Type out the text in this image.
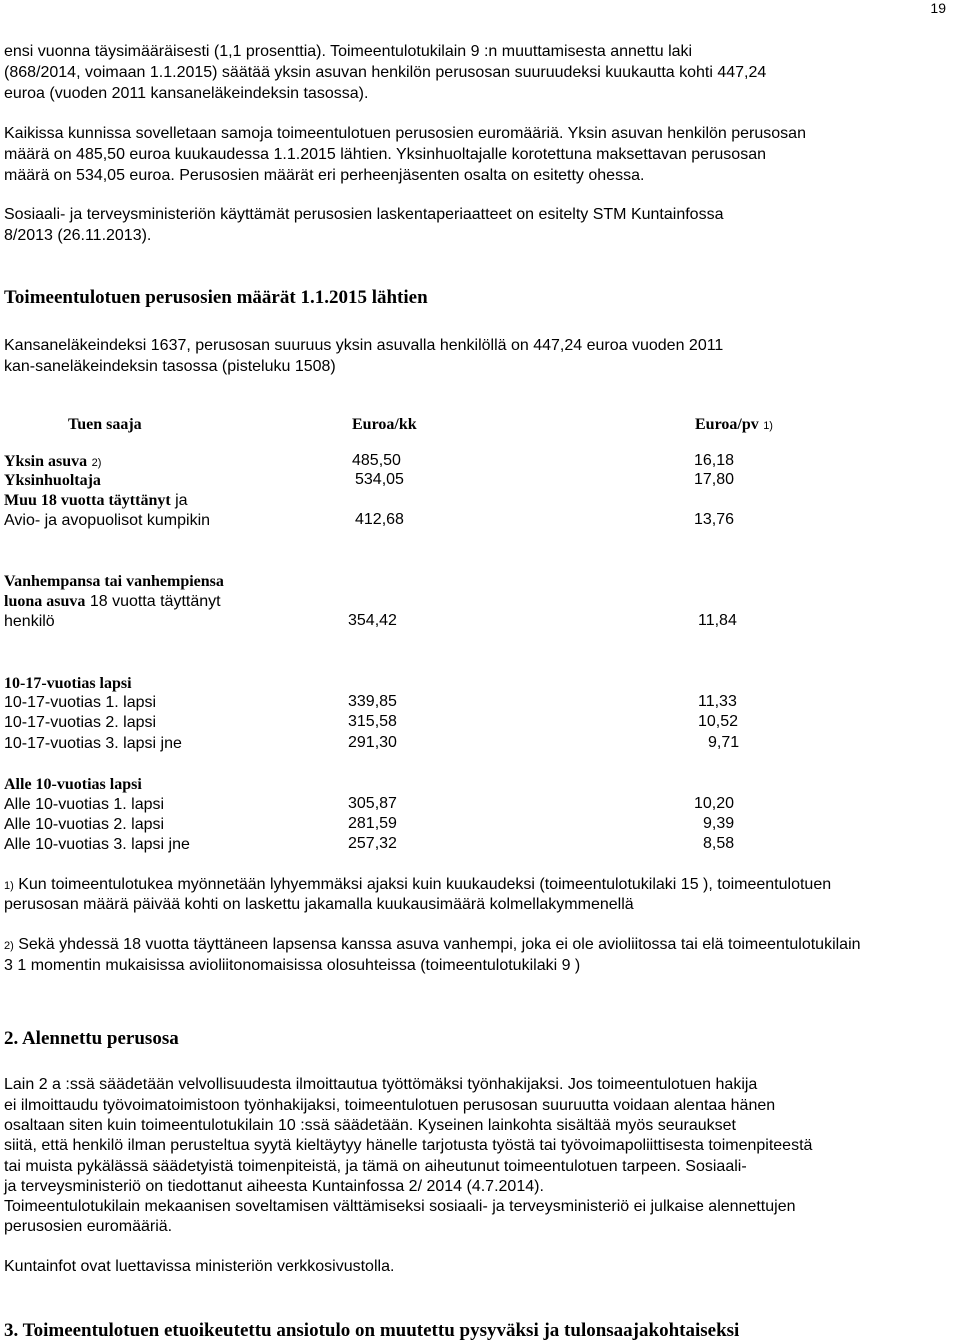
19
ensi vuonna täysimääräisesti (1,1 prosenttia). Toimeentulotukilain 9 :n muuttamisesta annettu laki
(868/2014, voimaan 1.1.2015) säätää yksin asuvan henkilön perusosan suuruudeksi kuukautta kohti 447,24
euroa (vuoden 2011 kansaneläkeindeksin tasossa).
Kaikissa kunnissa sovelletaan samoja toimeentulotuen perusosien euromääriä. Yksin asuvan henkilön perusosan
määrä on 485,50 euroa kuukaudessa 1.1.2015 lähtien. Yksinhuoltajalle korotettuna maksettavan perusosan
määrä on 534,05 euroa. Perusosien määrät eri perheenjäsenten osalta on esitetty ohessa.
Sosiaali- ja terveysministeriön käyttämät perusosien laskentaperiaatteet on esitelty STM Kuntainfossa
8/2013 (26.11.2013).
Toimeentulotuen perusosien määrät 1.1.2015 lähtien
Kansaneläkeindeksi 1637, perusosan suuruus yksin asuvalla henkilöllä on 447,24 euroa vuoden 2011
kan-saneläkeindeksin tasossa (pisteluku 1508)
Tuen saaja	Euroa/kk	Euroa/pv 1)
Yksin asuva 2)	485,50	16,18
Yksinhuoltaja	534,05	17,80
Muu 18 vuotta täyttänyt ja
Avio- ja avopuolisot kumpikin	412,68	13,76
Vanhempansa tai vanhempiensa
luona asuva 18 vuotta täyttänyt
henkilö	354,42	11,84
10-17-vuotias lapsi
10-17-vuotias 1. lapsi	339,85	11,33
10-17-vuotias 2. lapsi	315,58	10,52
10-17-vuotias 3. lapsi jne	291,30	9,71
Alle 10-vuotias lapsi
Alle 10-vuotias 1. lapsi	305,87	10,20
Alle 10-vuotias 2. lapsi	281,59	9,39
Alle 10-vuotias 3. lapsi jne	257,32	8,58
1) Kun toimeentulotukea myönnetään lyhyemmäksi ajaksi kuin kuukaudeksi (toimeentulotukilaki 15 ), toimeentulotuen
perusosan määrä päivää kohti on laskettu jakamalla kuukausimäärä kolmellakymmenellä
2) Sekä yhdessä 18 vuotta täyttäneen lapsensa kanssa asuva vanhempi, joka ei ole avioliitossa tai elä toimeentulotukilain
3 1 momentin mukaisissa avioliitonomaisissa olosuhteissa (toimeentulotukilaki 9 )
2. Alennettu perusosa
Lain 2 a :ssä säädetään velvollisuudesta ilmoittautua työttömäksi työnhakijaksi. Jos toimeentulotuen hakija
ei ilmoittaudu työvoimatoimistoon työnhakijaksi, toimeentulotuen perusosan suuruutta voidaan alentaa hänen
osaltaan siten kuin toimeentulotukilain 10 :ssä säädetään. Kyseinen lainkohta sisältää myös seuraukset
siitä, että henkilö ilman perusteltua syytä kieltäytyy hänelle tarjotusta työstä tai työvoimapoliittisesta toimenpiteestä
tai muista pykälässä säädetyistä toimenpiteistä, ja tämä on aiheutunut toimeentulotuen tarpeen. Sosiaali-
ja terveysministeriö on tiedottanut aiheesta Kuntainfossa 2/ 2014 (4.7.2014).
Toimeentulotukilain mekaanisen soveltamisen välttämiseksi sosiaali- ja terveysministeriö ei julkaise alennettujen
perusosien euromääriä.
Kuntainfot ovat luettavissa ministeriön verkkosivustolla.
3. Toimeentulotuen etuoikeutettu ansiotulo on muutettu pysyväksi ja tulonsaajakohtaiseksi
